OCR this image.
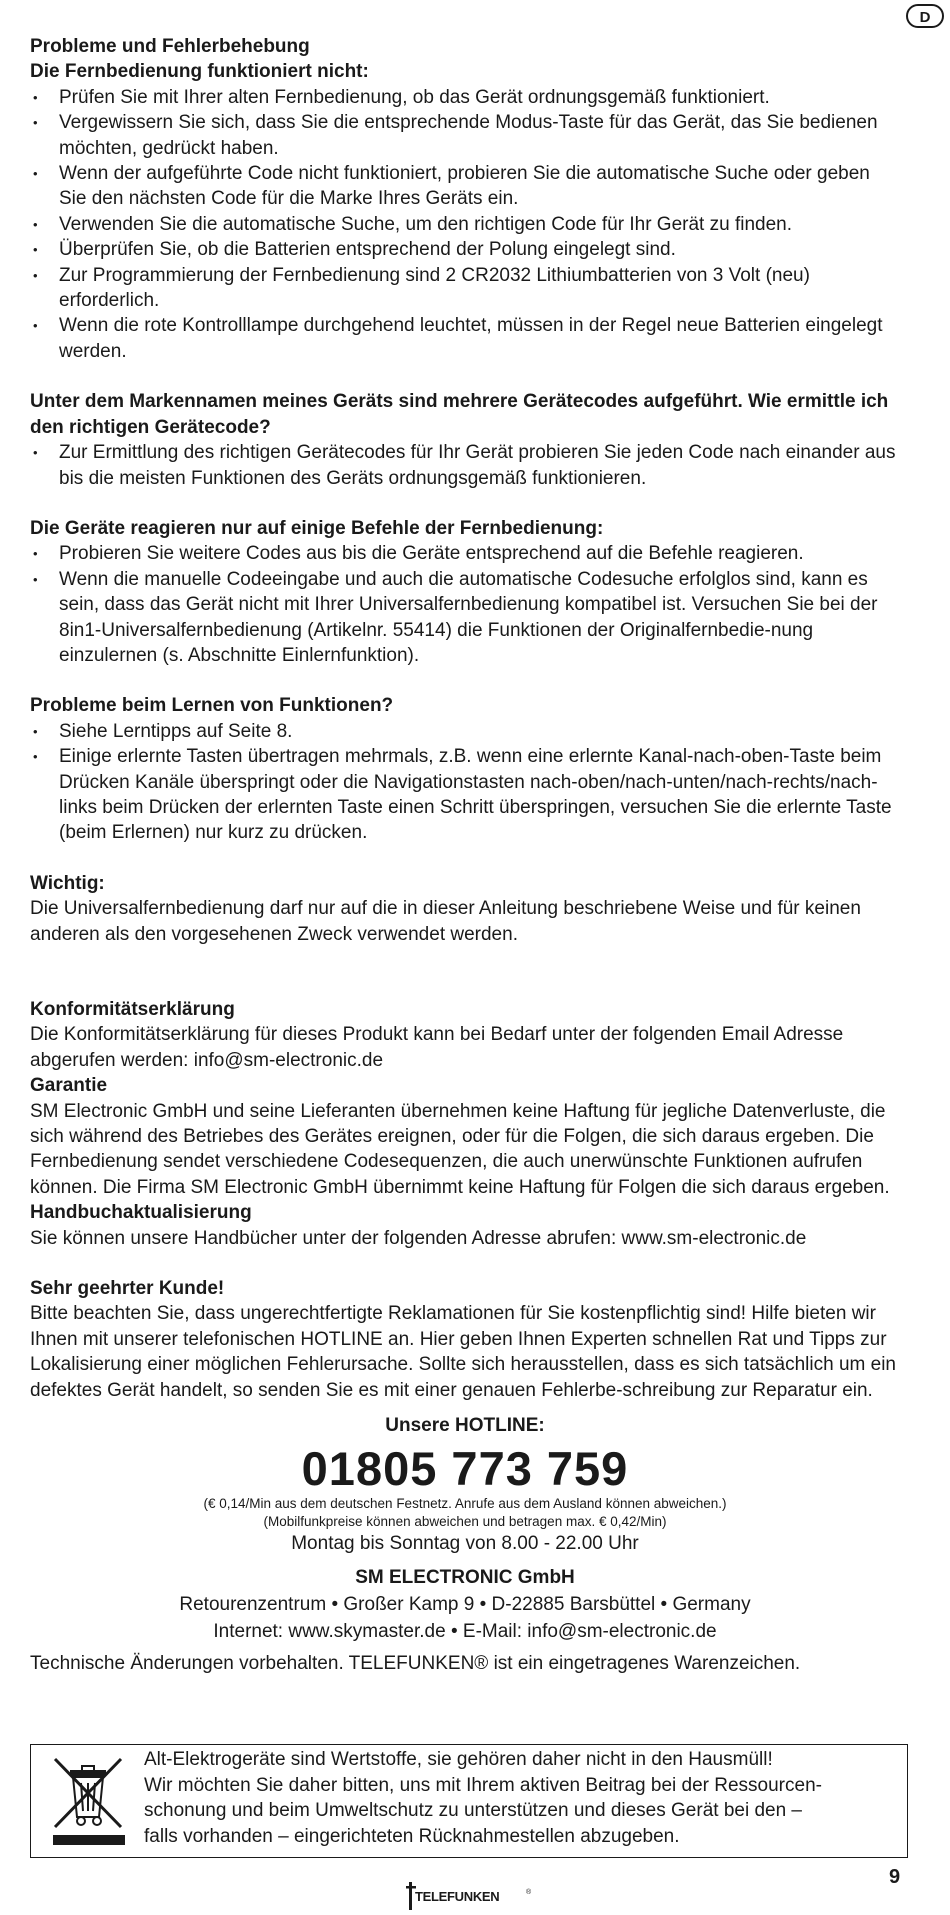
D
Probleme und Fehlerbehebung
Die Fernbedienung funktioniert nicht:
• Prüfen Sie mit Ihrer alten Fernbedienung, ob das Gerät ordnungsgemäß funktioniert.
• Vergewissern Sie sich, dass Sie die entsprechende Modus-Taste für das Gerät, das Sie bedienen möchten, gedrückt haben.
• Wenn der aufgeführte Code nicht funktioniert, probieren Sie die automatische Suche oder geben Sie den nächsten Code für die Marke Ihres Geräts ein.
• Verwenden Sie die automatische Suche, um den richtigen Code für Ihr Gerät zu finden.
• Überprüfen Sie, ob die Batterien entsprechend der Polung eingelegt sind.
• Zur Programmierung der Fernbedienung sind 2 CR2032 Lithiumbatterien von 3 Volt (neu) erforderlich.
• Wenn die rote Kontrolllampe durchgehend leuchtet, müssen in der Regel neue Batterien eingelegt werden.
Unter dem Markennamen meines Geräts sind mehrere Gerätecodes aufgeführt. Wie ermittle ich den richtigen Gerätecode?
• Zur Ermittlung des richtigen Gerätecodes für Ihr Gerät probieren Sie jeden Code nach einander aus bis die meisten Funktionen des Geräts ordnungsgemäß funktionieren.
Die Geräte reagieren nur auf einige Befehle der Fernbedienung:
• Probieren Sie weitere Codes aus bis die Geräte entsprechend auf die Befehle reagieren.
• Wenn die manuelle Codeeingabe und auch die automatische Codesuche erfolglos sind, kann es sein, dass das Gerät nicht mit Ihrer Universalfernbedienung kompatibel ist. Versuchen Sie bei der 8in1-Universalfernbedienung (Artikelnr. 55414) die Funktionen der Originalfernbedie-nung einzulernen (s. Abschnitte Einlernfunktion).
Probleme beim Lernen von Funktionen?
• Siehe Lerntipps auf Seite 8.
• Einige erlernte Tasten übertragen mehrmals, z.B. wenn eine erlernte Kanal-nach-oben-Taste beim Drücken Kanäle überspringt oder die Navigationstasten nach-oben/nach-unten/nach-rechts/nach-links beim Drücken der erlernten Taste einen Schritt überspringen, versuchen Sie die erlernte Taste (beim Erlernen) nur kurz zu drücken.
Wichtig:
Die Universalfernbedienung darf nur auf die in dieser Anleitung beschriebene Weise und für keinen anderen als den vorgesehenen Zweck verwendet werden.
Konformitätserklärung
Die Konformitätserklärung für dieses Produkt kann bei Bedarf unter der folgenden Email Adresse abgerufen werden: info@sm-electronic.de
Garantie
SM Electronic GmbH und seine Lieferanten übernehmen keine Haftung für jegliche Datenverluste, die sich während des Betriebes des Gerätes ereignen, oder für die Folgen, die sich daraus ergeben. Die Fernbedienung sendet verschiedene Codesequenzen, die auch unerwünschte Funktionen aufrufen können. Die Firma SM Electronic GmbH übernimmt keine Haftung für Folgen die sich daraus ergeben.
Handbuchaktualisierung
Sie können unsere Handbücher unter der folgenden Adresse abrufen: www.sm-electronic.de
Sehr geehrter Kunde!
Bitte beachten Sie, dass ungerechtfertigte Reklamationen für Sie kostenpflichtig sind! Hilfe bieten wir Ihnen mit unserer telefonischen HOTLINE an. Hier geben Ihnen Experten schnellen Rat und Tipps zur Lokalisierung einer möglichen Fehlerursache. Sollte sich herausstellen, dass es sich tatsächlich um ein defektes Gerät handelt, so senden Sie es mit einer genauen Fehlerbe-schreibung zur Reparatur ein.
Unsere HOTLINE:
01805 773 759
(€ 0,14/Min aus dem deutschen Festnetz. Anrufe aus dem Ausland können abweichen.)
(Mobilfunkpreise können abweichen und betragen max. € 0,42/Min)
Montag bis Sonntag von 8.00 - 22.00 Uhr
SM ELECTRONIC GmbH
Retourenzentrum • Großer Kamp 9 • D-22885 Barsbüttel • Germany
Internet: www.skymaster.de • E-Mail: info@sm-electronic.de
Technische Änderungen vorbehalten. TELEFUNKEN® ist ein eingetragenes Warenzeichen.
Alt-Elektrogeräte sind Wertstoffe, sie gehören daher nicht in den Hausmüll!
Wir möchten Sie daher bitten, uns mit Ihrem aktiven Beitrag bei der Ressourcen-
schonung und beim Umweltschutz zu unterstützen und dieses Gerät bei den –
falls vorhanden – eingerichteten Rücknahmestellen abzugeben.
9
TELEFUNKEN	®
